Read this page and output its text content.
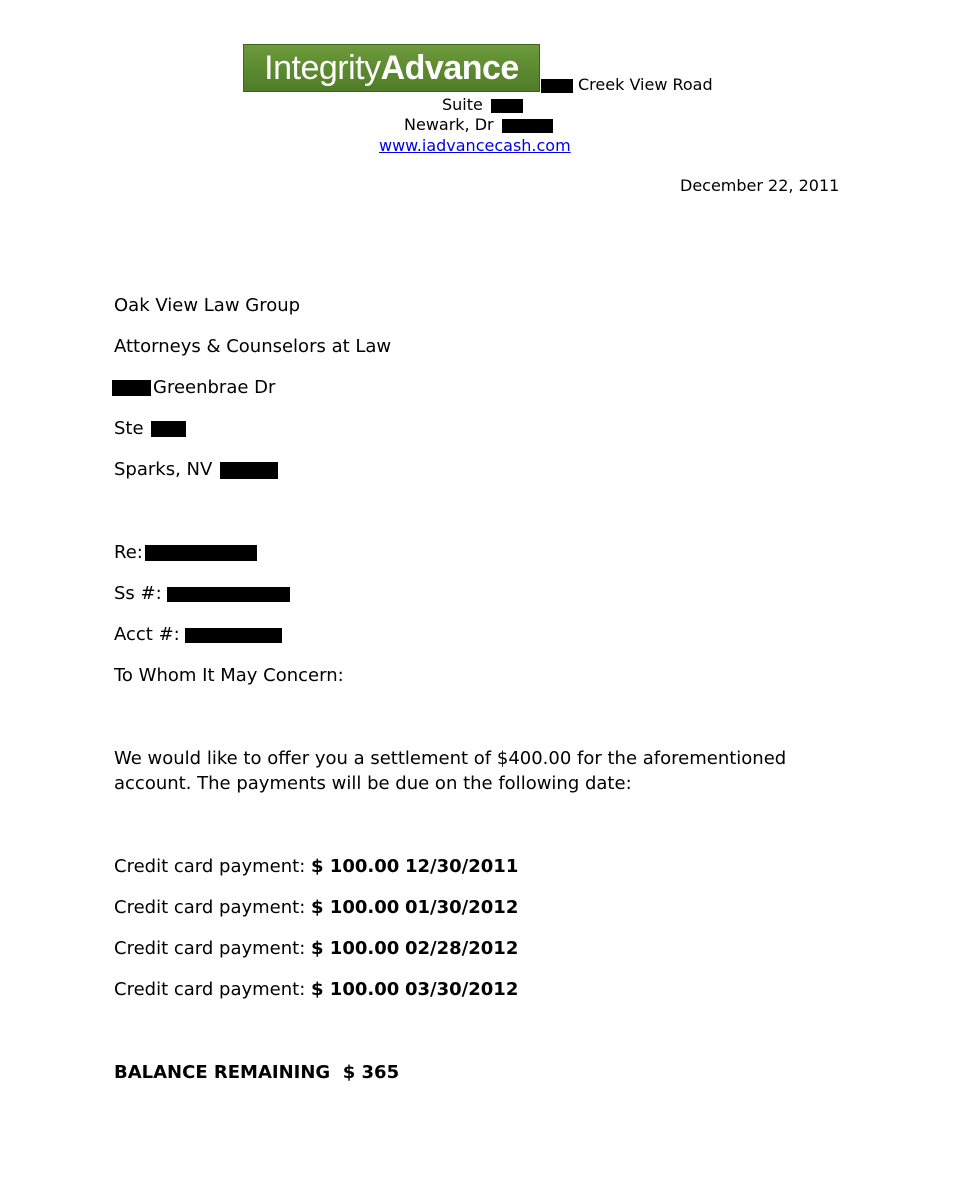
Integrity Advance	Creek View Road
Suite
Newark, Dr
www.iadvancecash.com
December 22, 2011
Oak View Law Group
Attorneys & Counselors at Law
Greenbrae Dr
Ste
Sparks, NV
Re:
Ss #:
Acct #:
To Whom It May Concern:
We would like to offer you a settlement of $400.00 for the aforementioned account. The payments will be due on the following date:
Credit card payment: $ 100.00 12/30/2011
Credit card payment: $ 100.00 01/30/2012
Credit card payment: $ 100.00 02/28/2012
Credit card payment: $ 100.00 03/30/2012
BALANCE REMAINING $ 365
